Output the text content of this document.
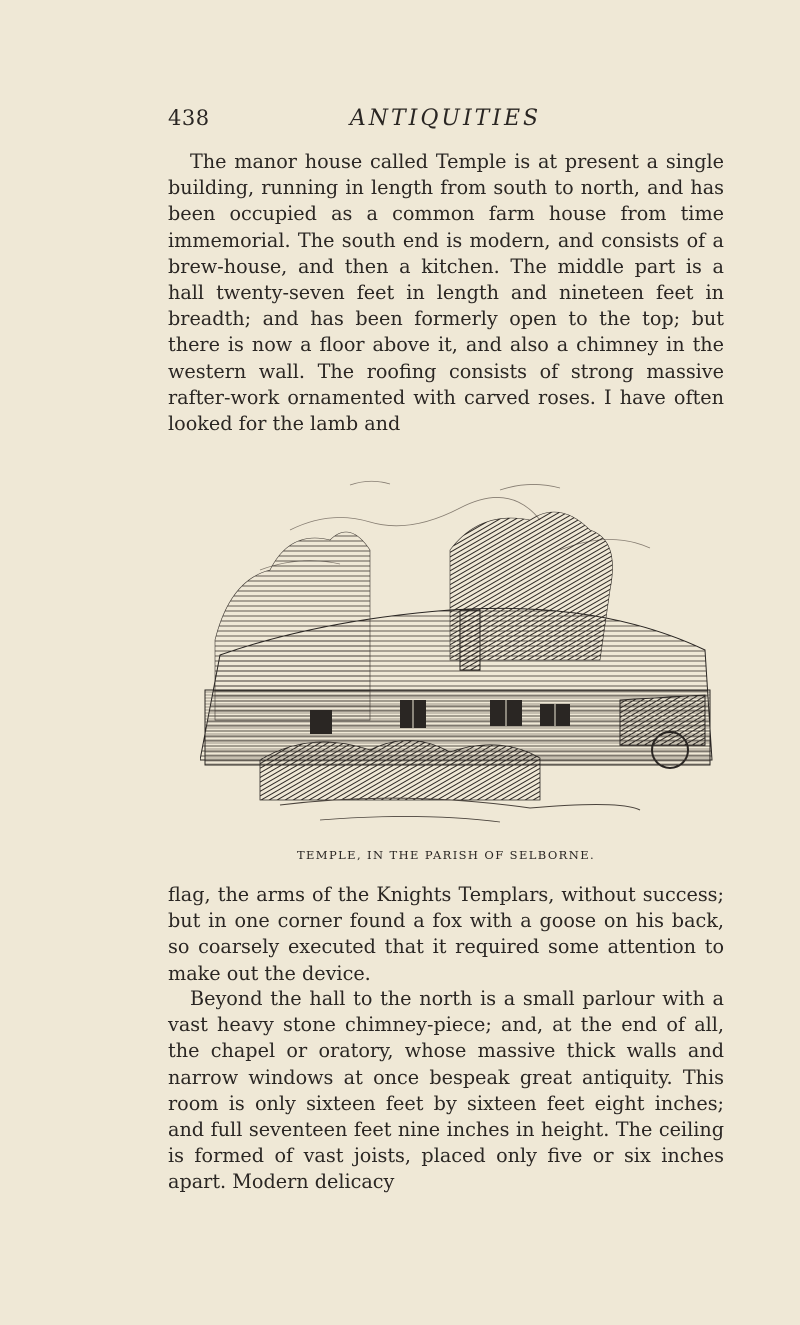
438	ANTIQUITIES

The manor house called Temple is at present a single building, running in length from south to north, and has been occupied as a common farm house from time immemorial. The south end is modern, and consists of a brew-house, and then a kitchen. The middle part is a hall twenty-seven feet in length and nineteen feet in breadth; and has been formerly open to the top; but there is now a floor above it, and also a chimney in the western wall. The roofing consists of strong massive rafter-work ornamented with carved roses. I have often looked for the lamb and

TEMPLE, IN THE PARISH OF SELBORNE.

flag, the arms of the Knights Templars, without success; but in one corner found a fox with a goose on his back, so coarsely executed that it required some attention to make out the device.

Beyond the hall to the north is a small parlour with a vast heavy stone chimney-piece; and, at the end of all, the chapel or oratory, whose massive thick walls and narrow windows at once bespeak great antiquity. This room is only sixteen feet by sixteen feet eight inches; and full seventeen feet nine inches in height. The ceiling is formed of vast joists, placed only five or six inches apart. Modern delicacy
